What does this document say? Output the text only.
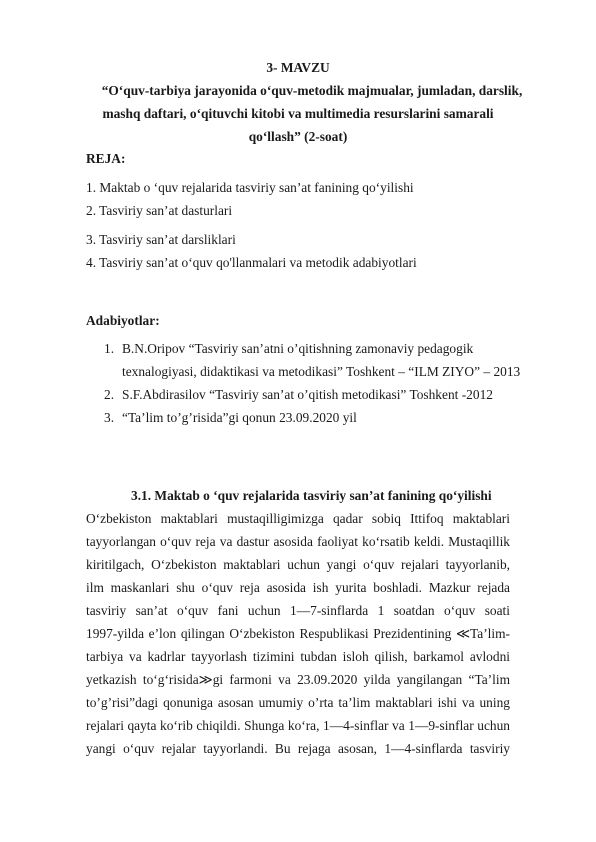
3- MAVZU
“O‘quv-tarbiya jarayonida o‘quv-metodik majmualar, jumladan, darslik,
mashq daftari, o‘qituvchi kitobi va multimedia resurslarini samarali
qo‘llash” (2-soat)
REJA:
1. Maktab o ‘quv rejalarida tasviriy san’at fanining qo‘yilishi
2. Tasviriy san’at dasturlari
3. Tasviriy san’at darsliklari
4. Tasviriy san’at o‘quv qo'llanmalari va metodik adabiyotlari
Adabiyotlar:
1. B.N.Oripov “Tasviriy san’atni o’qitishning zamonaviy pedagogik
texnalogiyasi, didaktikasi va metodikasi” Toshkent – “ILM ZIYO” – 2013
2. S.F.Abdirasilov “Tasviriy san’at o’qitish metodikasi” Toshkent -2012
3. “Ta’lim to’g’risida”gi qonun 23.09.2020 yil
3.1. Maktab o ‘quv rejalarida tasviriy san’at fanining qo‘yilishi
O‘zbekiston maktablari mustaqilligimizga qadar sobiq Ittifoq maktablari
tayyorlangan o‘quv reja va dastur asosida faoliyat ko‘rsatib keldi. Mustaqillik
kiritilgach, O‘zbekiston maktablari uchun yangi o‘quv rejalari tayyorlanib,
ilm maskanlari shu o‘quv reja asosida ish yurita boshladi. Mazkur rejada
tasviriy san’at o‘quv fani uchun 1—7-sinflarda 1 soatdan o‘quv soati
1997-yilda e’lon qilingan O‘zbekiston Respublikasi Prezidentining ≪Ta’lim-
tarbiya va kadrlar tayyorlash tizimini tubdan isloh qilish, barkamol avlodni
yetkazish to‘g‘risida≫gi farmoni va 23.09.2020 yilda yangilangan “Ta’lim
to’g’risi”dagi qonuniga asosan umumiy o’rta ta’lim maktablari ishi va uning
rejalari qayta ko‘rib chiqildi. Shunga ko‘ra, 1—4-sinflar va 1—9-sinflar uchun
yangi o‘quv rejalar tayyorlandi. Bu rejaga asosan, 1—4-sinflarda tasviriy
